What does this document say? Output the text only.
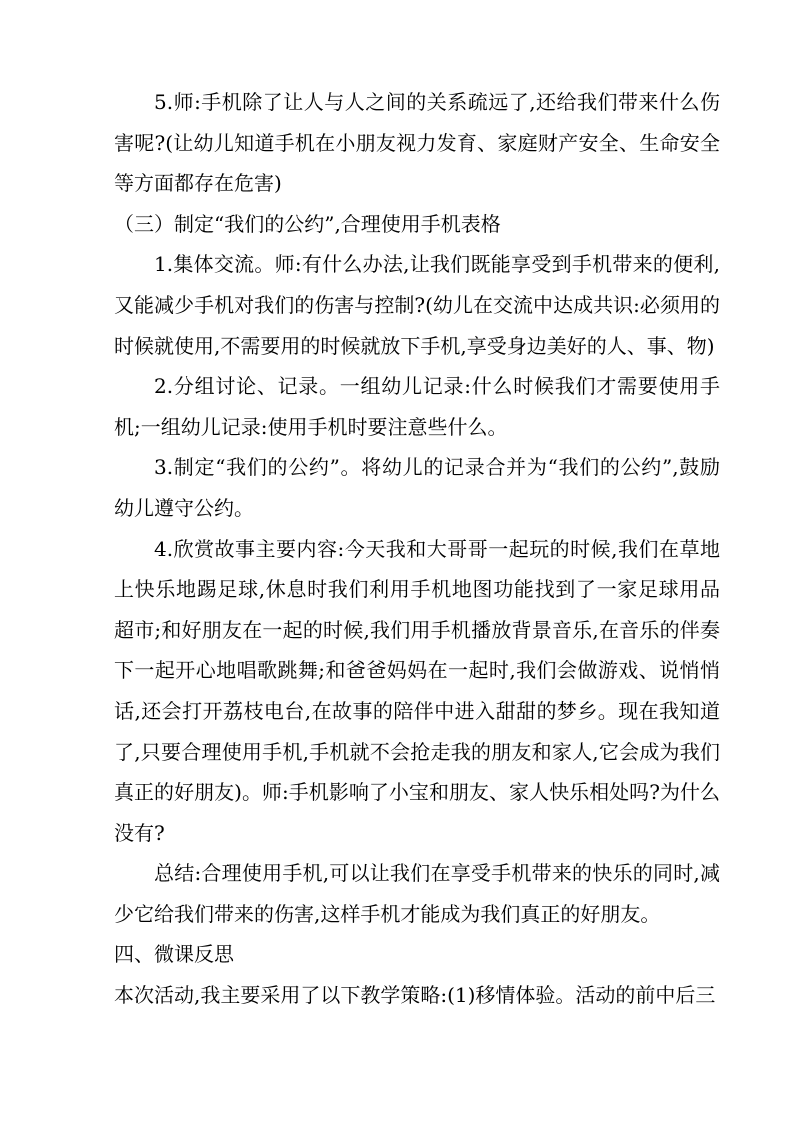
5.师:手机除了让人与人之间的关系疏远了,还给我们带来什么伤害呢?(让幼儿知道手机在小朋友视力发育、家庭财产安全、生命安全等方面都存在危害)

（三）制定“我们的公约”,合理使用手机表格

1.集体交流。师:有什么办法,让我们既能享受到手机带来的便利,又能减少手机对我们的伤害与控制?(幼儿在交流中达成共识:必须用的时候就使用,不需要用的时候就放下手机,享受身边美好的人、事、物)

2.分组讨论、记录。一组幼儿记录:什么时候我们才需要使用手机;一组幼儿记录:使用手机时要注意些什么。

3.制定“我们的公约”。将幼儿的记录合并为“我们的公约”,鼓励幼儿遵守公约。

4.欣赏故事主要内容:今天我和大哥哥一起玩的时候,我们在草地上快乐地踢足球,休息时我们利用手机地图功能找到了一家足球用品超市;和好朋友在一起的时候,我们用手机播放背景音乐,在音乐的伴奏下一起开心地唱歌跳舞;和爸爸妈妈在一起时,我们会做游戏、说悄悄话,还会打开荔枝电台,在故事的陪伴中进入甜甜的梦乡。现在我知道了,只要合理使用手机,手机就不会抢走我的朋友和家人,它会成为我们真正的好朋友)。师:手机影响了小宝和朋友、家人快乐相处吗?为什么没有?

总结:合理使用手机,可以让我们在享受手机带来的快乐的同时,减少它给我们带来的伤害,这样手机才能成为我们真正的好朋友。

四、微课反思

本次活动,我主要采用了以下教学策略:(1)移情体验。活动的前中后三
